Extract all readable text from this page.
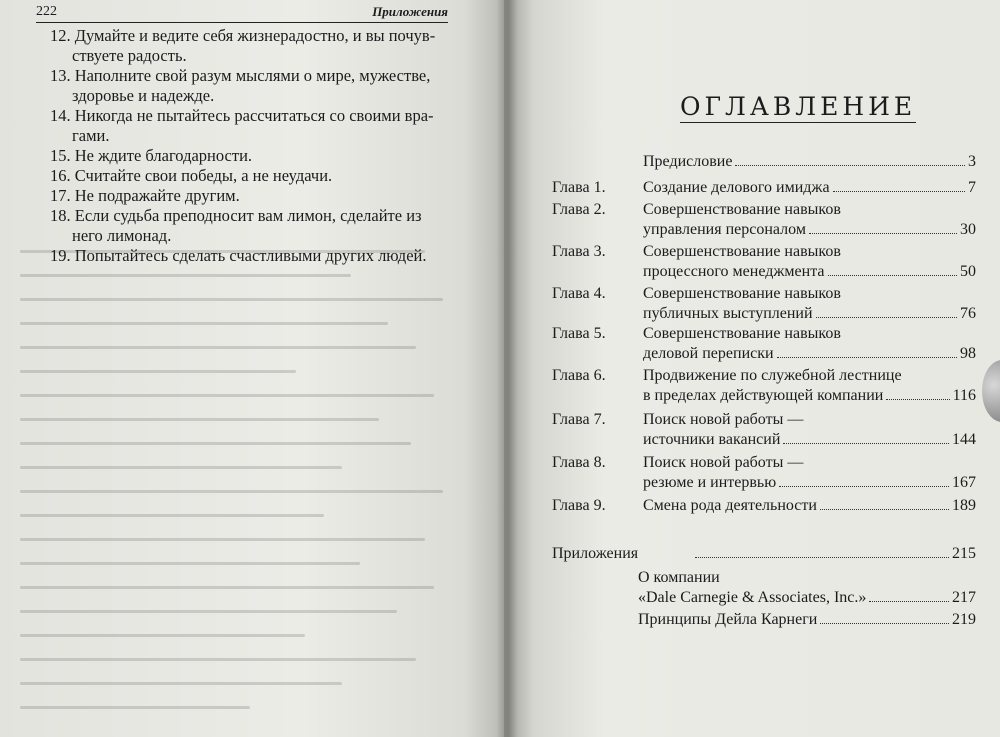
222	Приложения
12. Думайте и ведите себя жизнерадостно, и вы почув-
ствуете радость.
13. Наполните свой разум мыслями о мире, мужестве,
здоровье и надежде.
14. Никогда не пытайтесь рассчитаться со своими вра-
гами.
15. Не ждите благодарности.
16. Считайте свои победы, а не неудачи.
17. Не подражайте другим.
18. Если судьба преподносит вам лимон, сделайте из
него лимонад.
19. Попытайтесь сделать счастливыми других людей.
ОГЛАВЛЕНИЕ
Предисловие	3
Глава 1.	Создание делового имиджа	7
Глава 2.	Совершенствование навыков
управления персоналом	30
Глава 3.	Совершенствование навыков
процессного менеджмента	50
Глава 4.	Совершенствование навыков
публичных выступлений	76
Глава 5.	Совершенствование навыков
деловой переписки	98
Глава 6.	Продвижение по служебной лестнице
в пределах действующей компании	116
Глава 7.	Поиск новой работы —
источники вакансий	144
Глава 8.	Поиск новой работы —
резюме и интервью	167
Глава 9.	Смена рода деятельности	189
Приложения	215
О компании
«Dale Carnegie & Associates, Inc.»	217
Принципы Дейла Карнеги	219
